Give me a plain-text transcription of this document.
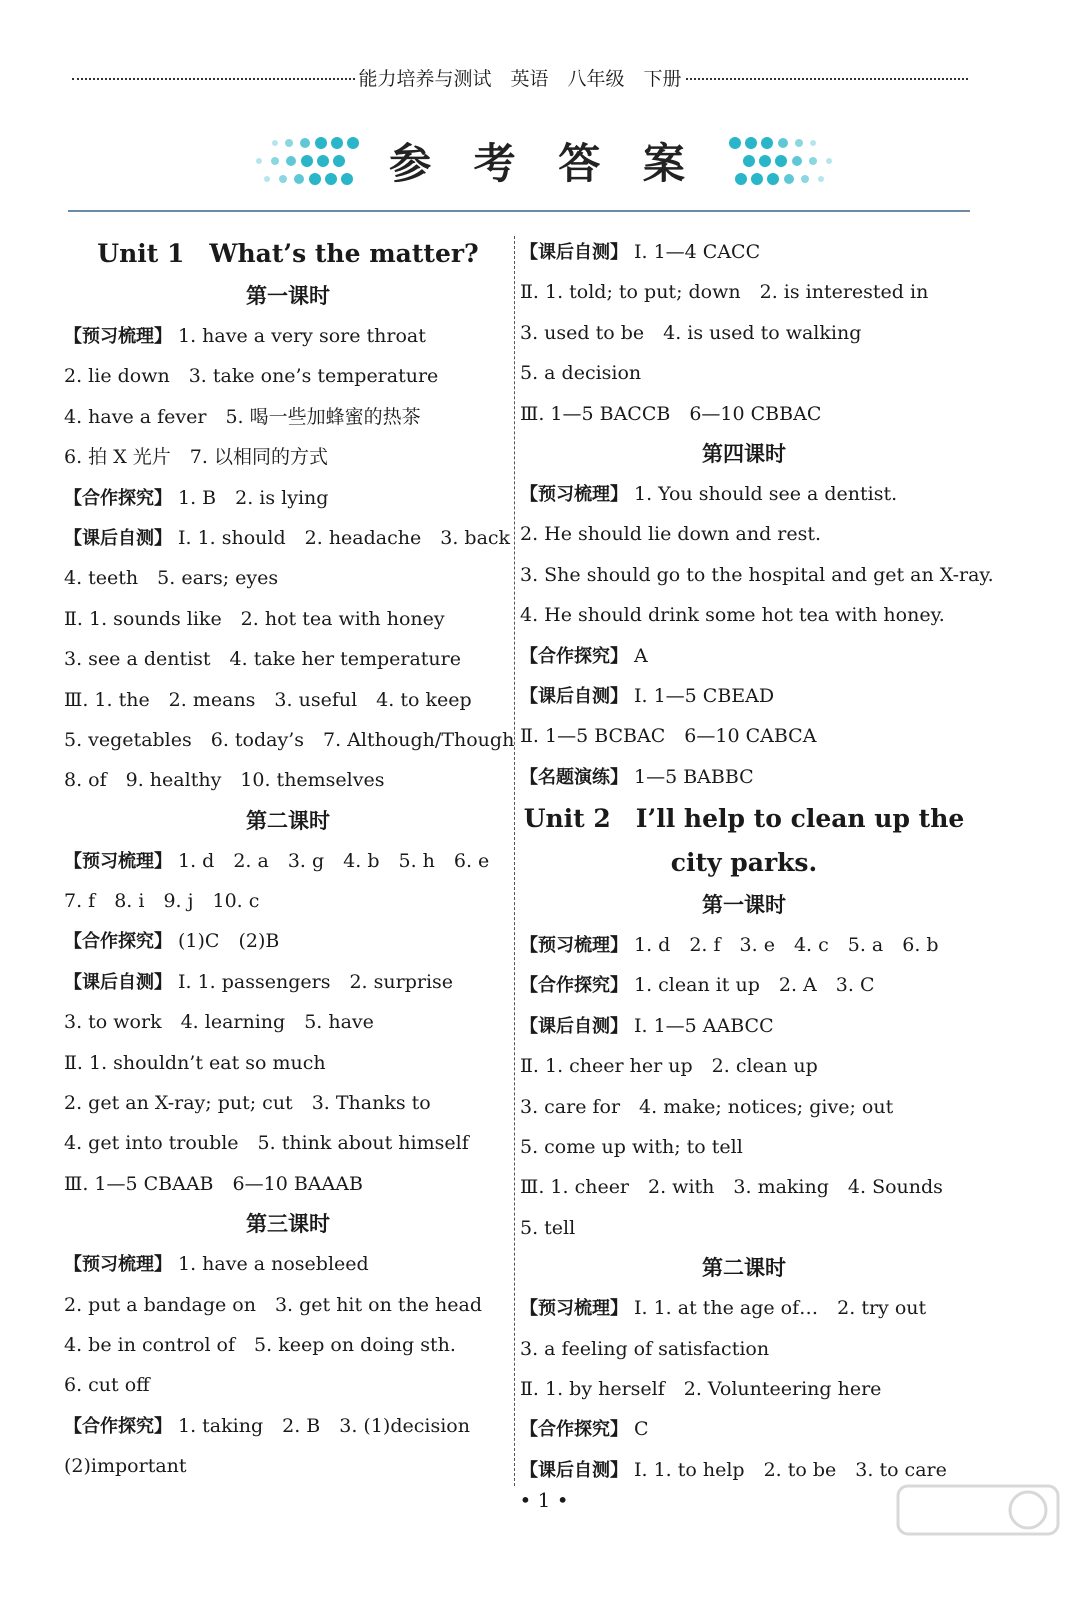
能力培养与测试　英语　八年级　下册
参 考 答 案
Unit 1　What’s the matter?
第一课时
【预习梳理】 1. have a very sore throat
2. lie down　3. take one’s temperature
4. have a fever　5. 喝一些加蜂蜜的热茶
6. 拍 X 光片　7. 以相同的方式
【合作探究】 1. B　2. is lying
【课后自测】 Ⅰ. 1. should　2. headache　3. back
4. teeth　5. ears; eyes
Ⅱ. 1. sounds like　2. hot tea with honey
3. see a dentist　4. take her temperature
Ⅲ. 1. the　2. means　3. useful　4. to keep
5. vegetables　6. today’s　7. Although/Though
8. of　9. healthy　10. themselves
第二课时
【预习梳理】 1. d　2. a　3. g　4. b　5. h　6. e
7. f　8. i　9. j　10. c
【合作探究】 (1)C　(2)B
【课后自测】 Ⅰ. 1. passengers　2. surprise
3. to work　4. learning　5. have
Ⅱ. 1. shouldn’t eat so much
2. get an X-ray; put; cut　3. Thanks to
4. get into trouble　5. think about himself
Ⅲ. 1—5 CBAAB　6—10 BAAAB
第三课时
【预习梳理】 1. have a nosebleed
2. put a bandage on　3. get hit on the head
4. be in control of　5. keep on doing sth.
6. cut off
【合作探究】 1. taking　2. B　3. (1)decision
(2)important
【课后自测】 Ⅰ. 1—4 CACC
Ⅱ. 1. told; to put; down　2. is interested in
3. used to be　4. is used to walking
5. a decision
Ⅲ. 1—5 BACCB　6—10 CBBAC
第四课时
【预习梳理】 1. You should see a dentist.
2. He should lie down and rest.
3. She should go to the hospital and get an X-ray.
4. He should drink some hot tea with honey.
【合作探究】 A
【课后自测】 Ⅰ. 1—5 CBEAD
Ⅱ. 1—5 BCBAC　6—10 CABCA
【名题演练】 1—5 BABBC
Unit 2　I’ll help to clean up the
city parks.
第一课时
【预习梳理】 1. d　2. f　3. e　4. c　5. a　6. b
【合作探究】 1. clean it up　2. A　3. C
【课后自测】 Ⅰ. 1—5 AABCC
Ⅱ. 1. cheer her up　2. clean up
3. care for　4. make; notices; give; out
5. come up with; to tell
Ⅲ. 1. cheer　2. with　3. making　4. Sounds
5. tell
第二课时
【预习梳理】 Ⅰ. 1. at the age of…　2. try out
3. a feeling of satisfaction
Ⅱ. 1. by herself　2. Volunteering here
【合作探究】 C
【课后自测】 Ⅰ. 1. to help　2. to be　3. to care
• 1 •
